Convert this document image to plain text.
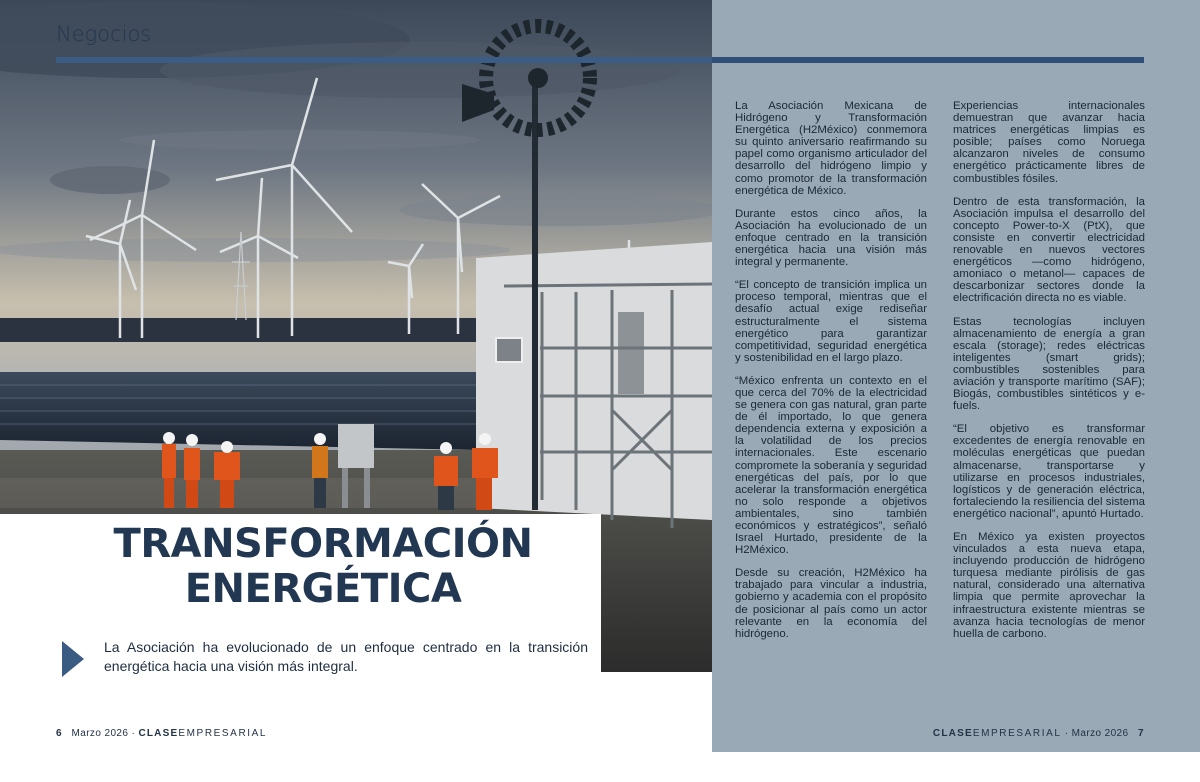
Negocios
TRANSFORMACIÓN
ENERGÉTICA
La Asociación ha evolucionado de un enfoque centrado en la transición energética hacia una visión más integral.

La Asociación Mexicana de Hidrógeno y Transformación Energética (H2México) conmemora su quinto aniversario reafirmando su papel como organismo articulador del desarrollo del hidrógeno limpio y como promotor de la transformación energética de México.

Durante estos cinco años, la Asociación ha evolucionado de un enfoque centrado en la transición energética hacia una visión más integral y permanente.

“El concepto de transición implica un proceso temporal, mientras que el desafío actual exige rediseñar estructuralmente el sistema energético para garantizar competitividad, seguridad energética y sostenibilidad en el largo plazo.

“México enfrenta un contexto en el que cerca del 70% de la electricidad se genera con gas natural, gran parte de él importado, lo que genera dependencia externa y exposición a la volatilidad de los precios internacionales. Este escenario compromete la soberanía y seguridad energéticas del país, por lo que acelerar la transformación energética no solo responde a objetivos ambientales, sino también económicos y estratégicos”, señaló Israel Hurtado, presidente de la H2México.

Desde su creación, H2México ha trabajado para vincular a industria, gobierno y academia con el propósito de posicionar al país como un actor relevante en la economía del hidrógeno.

Experiencias internacionales demuestran que avanzar hacia matrices energéticas limpias es posible; países como Noruega alcanzaron niveles de consumo energético prácticamente libres de combustibles fósiles.

Dentro de esta transformación, la Asociación impulsa el desarrollo del concepto Power-to-X (PtX), que consiste en convertir electricidad renovable en nuevos vectores energéticos —como hidrógeno, amoniaco o metanol— capaces de descarbonizar sectores donde la electrificación directa no es viable.

Estas tecnologías incluyen almacenamiento de energía a gran escala (storage); redes eléctricas inteligentes (smart grids); combustibles sostenibles para aviación y transporte marítimo (SAF); Biogás, combustibles sintéticos y e-fuels.

“El objetivo es transformar excedentes de energía renovable en moléculas energéticas que puedan almacenarse, transportarse y utilizarse en procesos industriales, logísticos y de generación eléctrica, fortaleciendo la resiliencia del sistema energético nacional”, apuntó Hurtado.

En México ya existen proyectos vinculados a esta nueva etapa, incluyendo producción de hidrógeno turquesa mediante pirólisis de gas natural, considerado una alternativa limpia que permite aprovechar la infraestructura existente mientras se avanza hacia tecnologías de menor huella de carbono.

6 Marzo 2026 · CLASEEMPRESARIAL	CLASEEMPRESARIAL · Marzo 2026 7
